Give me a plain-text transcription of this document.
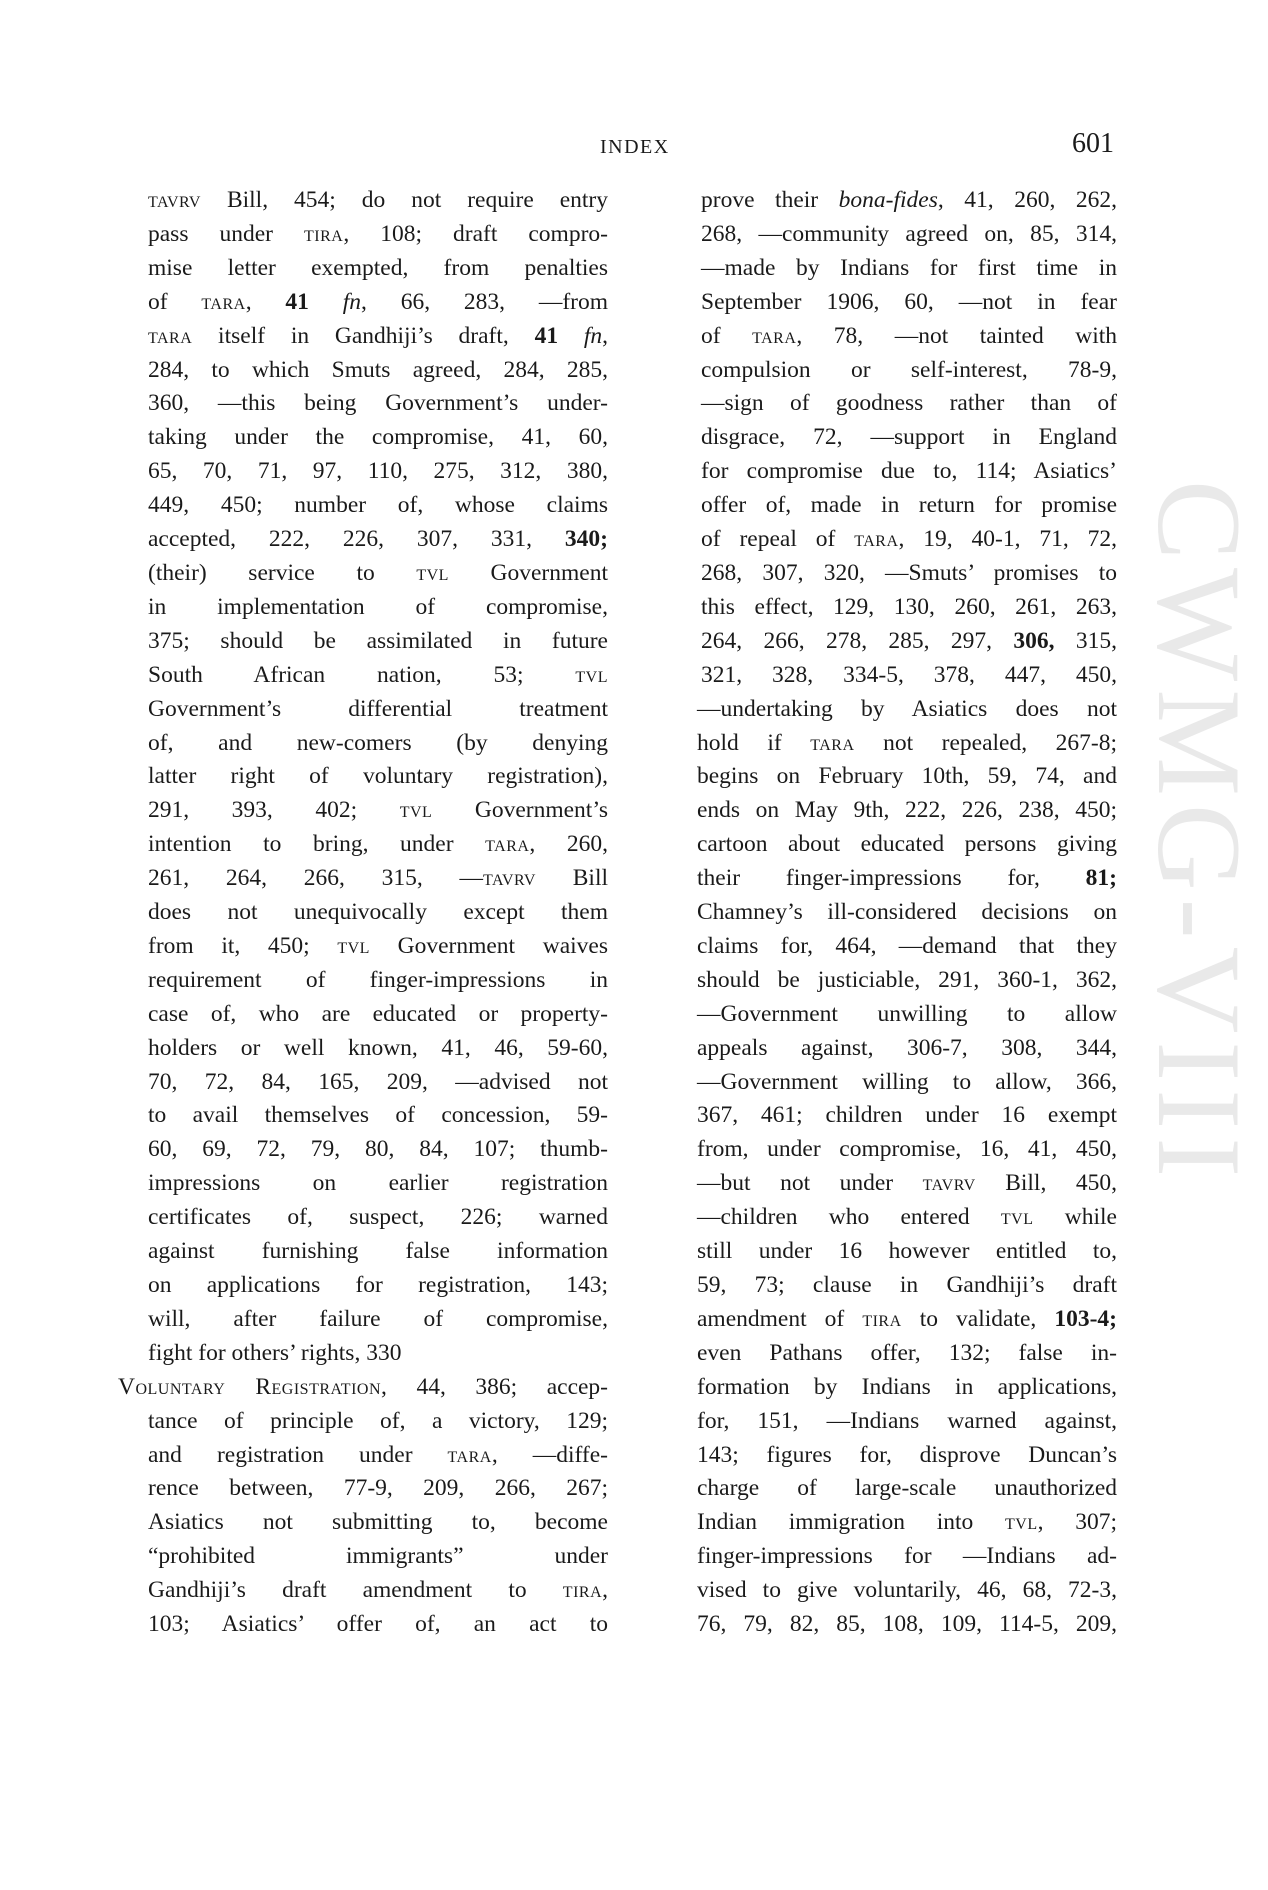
INDEX	601
tavrv Bill, 454; do not require entry
pass under tira, 108; draft compro-
mise letter exempted, from penalties
of tara, 41 fn, 66, 283, —from
tara itself in Gandhiji’s draft, 41 fn,
284, to which Smuts agreed, 284, 285,
360, —this being Government’s under-
taking under the compromise, 41, 60,
65, 70, 71, 97, 110, 275, 312, 380,
449, 450; number of, whose claims
accepted, 222, 226, 307, 331, 340;
(their) service to tvl Government
in implementation of compromise,
375; should be assimilated in future
South African nation, 53; tvl
Government’s differential treatment
of, and new-comers (by denying
latter right of voluntary registration),
291, 393, 402; tvl Government’s
intention to bring, under tara, 260,
261, 264, 266, 315, —tavrv Bill
does not unequivocally except them
from it, 450; tvl Government waives
requirement of finger-impressions in
case of, who are educated or property-
holders or well known, 41, 46, 59-60,
70, 72, 84, 165, 209, —advised not
to avail themselves of concession, 59-
60, 69, 72, 79, 80, 84, 107; thumb-
impressions on earlier registration
certificates of, suspect, 226; warned
against furnishing false information
on applications for registration, 143;
will, after failure of compromise,
fight for others’ rights, 330
Voluntary Registration, 44, 386; accep-
tance of principle of, a victory, 129;
and registration under tara, —diffe-
rence between, 77-9, 209, 266, 267;
Asiatics not submitting to, become
“prohibited immigrants” under
Gandhiji’s draft amendment to tira,
103; Asiatics’ offer of, an act to
prove their bona-fides, 41, 260, 262,
268, —community agreed on, 85, 314,
—made by Indians for first time in
September 1906, 60, —not in fear
of tara, 78, —not tainted with
compulsion or self-interest, 78-9,
—sign of goodness rather than of
disgrace, 72, —support in England
for compromise due to, 114; Asiatics’
offer of, made in return for promise
of repeal of tara, 19, 40-1, 71, 72,
268, 307, 320, —Smuts’ promises to
this effect, 129, 130, 260, 261, 263,
264, 266, 278, 285, 297, 306, 315,
321, 328, 334-5, 378, 447, 450,
—undertaking by Asiatics does not
hold if tara not repealed, 267-8;
begins on February 10th, 59, 74, and
ends on May 9th, 222, 226, 238, 450;
cartoon about educated persons giving
their finger-impressions for, 81;
Chamney’s ill-considered decisions on
claims for, 464, —demand that they
should be justiciable, 291, 360-1, 362,
—Government unwilling to allow
appeals against, 306-7, 308, 344,
—Government willing to allow, 366,
367, 461; children under 16 exempt
from, under compromise, 16, 41, 450,
—but not under tavrv Bill, 450,
—children who entered tvl while
still under 16 however entitled to,
59, 73; clause in Gandhiji’s draft
amendment of tira to validate, 103-4;
even Pathans offer, 132; false in-
formation by Indians in applications,
for, 151, —Indians warned against,
143; figures for, disprove Duncan’s
charge of large-scale unauthorized
Indian immigration into tvl, 307;
finger-impressions for —Indians ad-
vised to give voluntarily, 46, 68, 72-3,
76, 79, 82, 85, 108, 109, 114-5, 209,
CWMG-VIII
